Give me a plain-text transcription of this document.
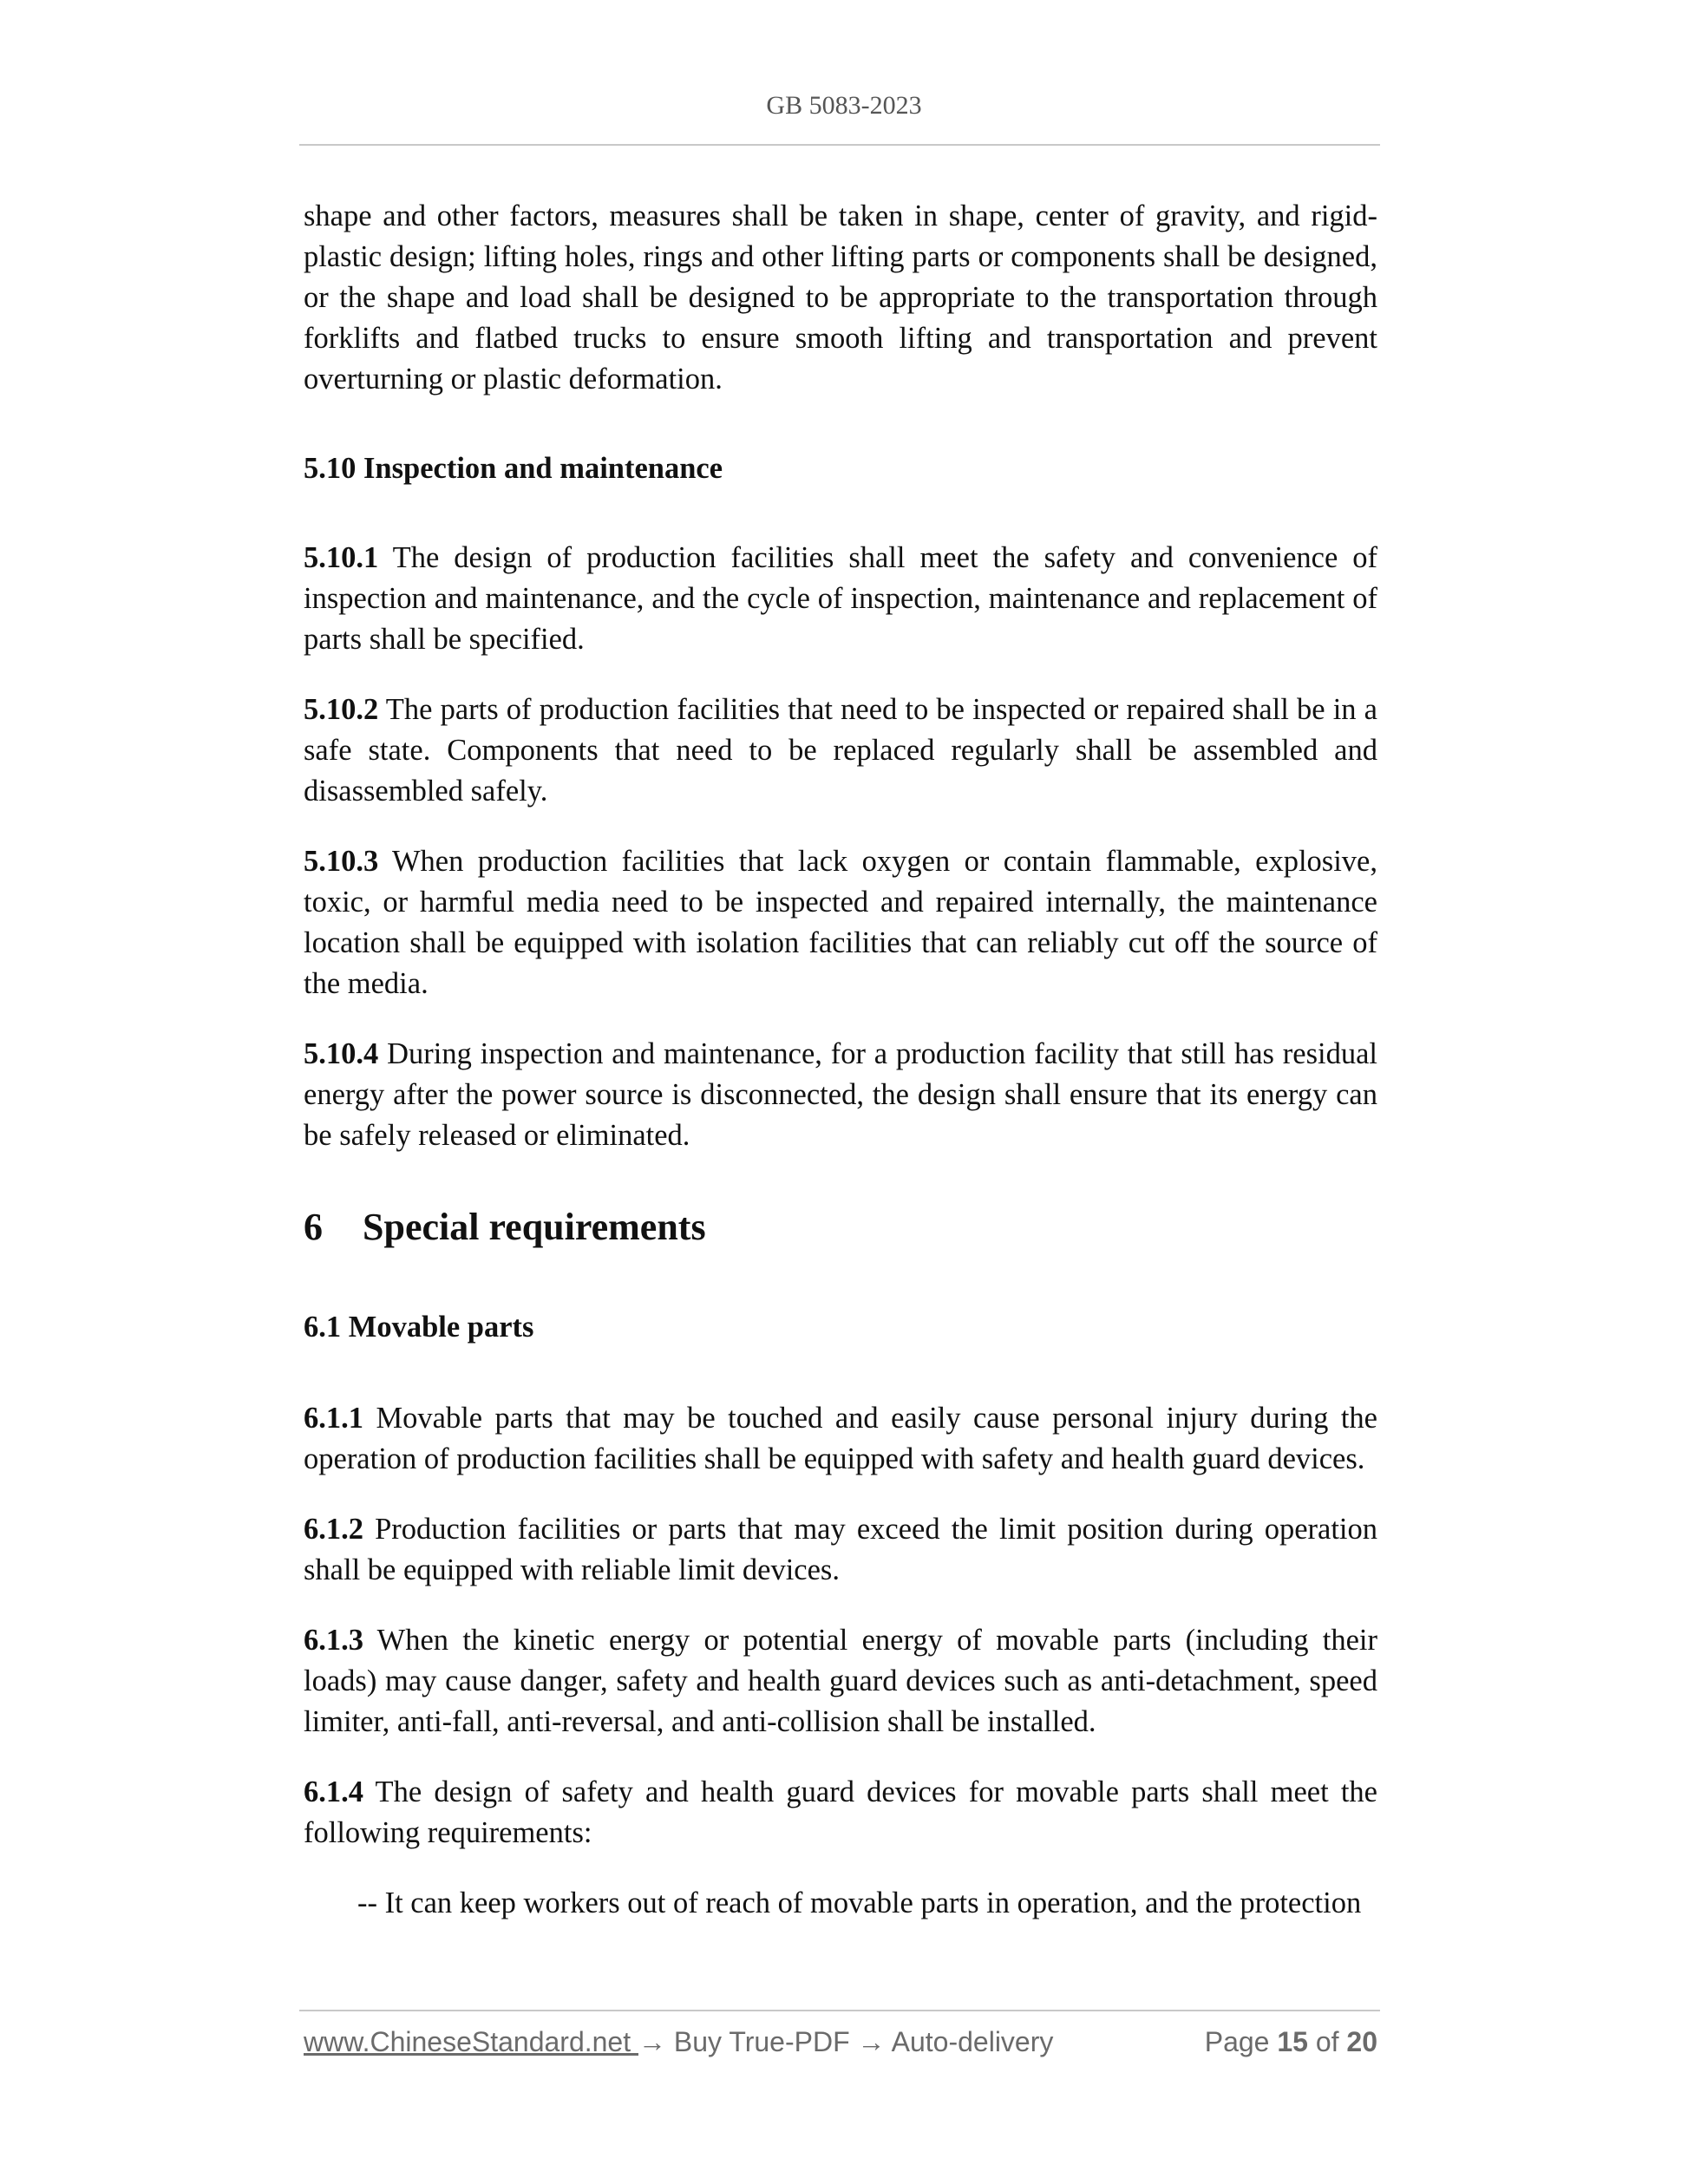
GB 5083-2023

shape and other factors, measures shall be taken in shape, center of gravity, and rigid-plastic design; lifting holes, rings and other lifting parts or components shall be designed, or the shape and load shall be designed to be appropriate to the transportation through forklifts and flatbed trucks to ensure smooth lifting and transportation and prevent overturning or plastic deformation.

5.10 Inspection and maintenance

5.10.1 The design of production facilities shall meet the safety and convenience of inspection and maintenance, and the cycle of inspection, maintenance and replacement of parts shall be specified.

5.10.2 The parts of production facilities that need to be inspected or repaired shall be in a safe state. Components that need to be replaced regularly shall be assembled and disassembled safely.

5.10.3 When production facilities that lack oxygen or contain flammable, explosive, toxic, or harmful media need to be inspected and repaired internally, the maintenance location shall be equipped with isolation facilities that can reliably cut off the source of the media.

5.10.4 During inspection and maintenance, for a production facility that still has residual energy after the power source is disconnected, the design shall ensure that its energy can be safely released or eliminated.

6 Special requirements

6.1 Movable parts

6.1.1 Movable parts that may be touched and easily cause personal injury during the operation of production facilities shall be equipped with safety and health guard devices.

6.1.2 Production facilities or parts that may exceed the limit position during operation shall be equipped with reliable limit devices.

6.1.3 When the kinetic energy or potential energy of movable parts (including their loads) may cause danger, safety and health guard devices such as anti-detachment, speed limiter, anti-fall, anti-reversal, and anti-collision shall be installed.

6.1.4 The design of safety and health guard devices for movable parts shall meet the following requirements:

-- It can keep workers out of reach of movable parts in operation, and the protection

www.ChineseStandard.net → Buy True-PDF → Auto-delivery	Page 15 of 20
